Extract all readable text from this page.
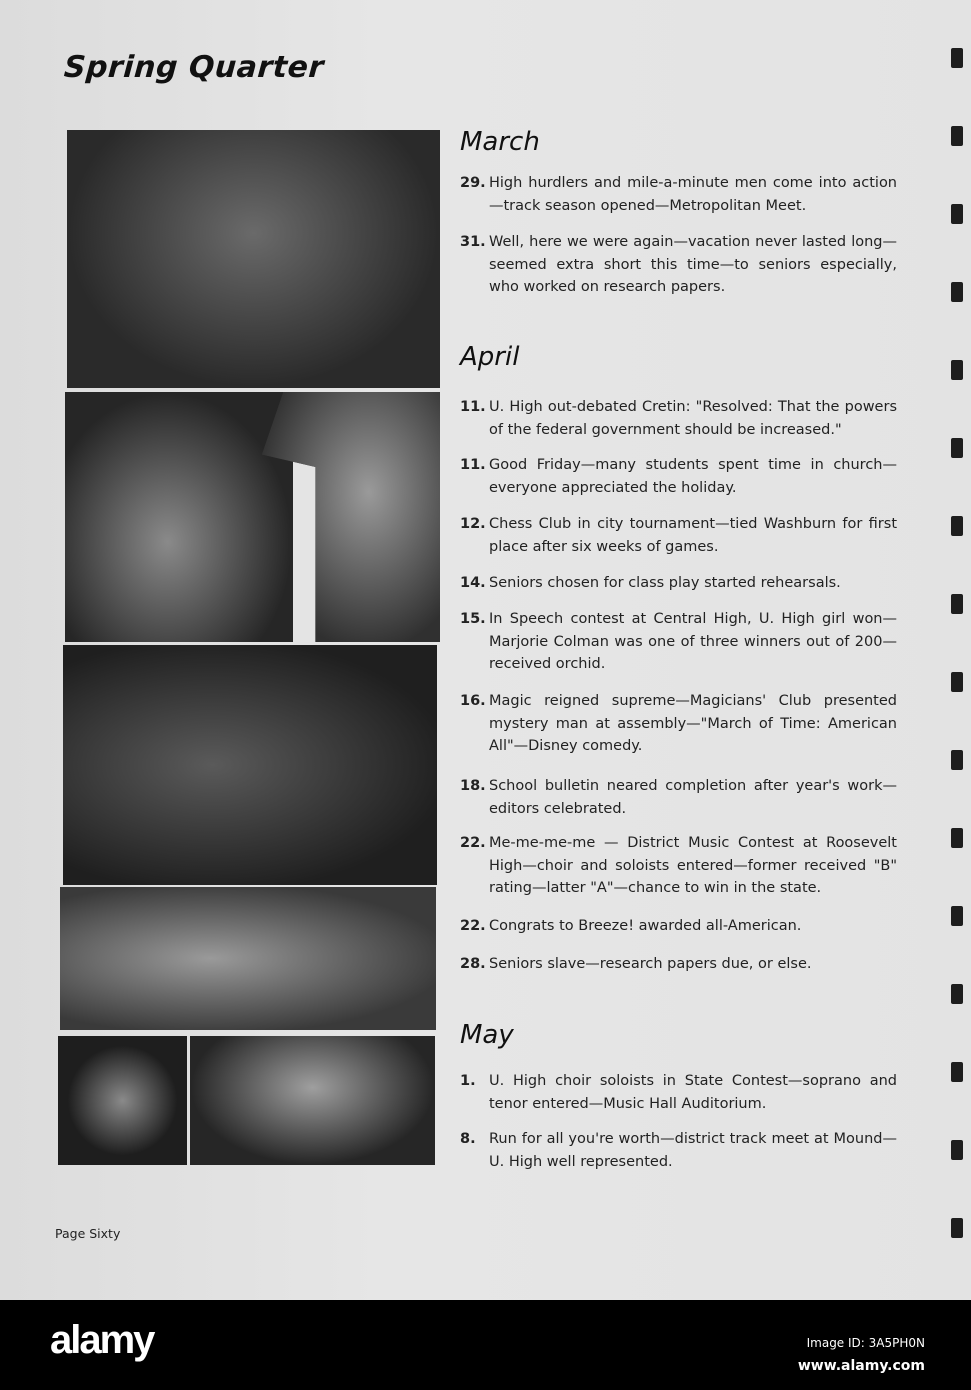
Spring Quarter
March
29. High hurdlers and mile-a-minute men come into action—track season opened—Metropolitan Meet.
31. Well, here we were again—vacation never lasted long—seemed extra short this time—to seniors especially, who worked on research papers.
April
11. U. High out-debated Cretin: "Resolved: That the powers of the federal government should be increased."
11. Good Friday—many students spent time in church—everyone appreciated the holiday.
12. Chess Club in city tournament—tied Washburn for first place after six weeks of games.
14. Seniors chosen for class play started rehearsals.
15. In Speech contest at Central High, U. High girl won—Marjorie Colman was one of three winners out of 200—received orchid.
16. Magic reigned supreme—Magicians' Club presented mystery man at assembly—"March of Time: American All"—Disney comedy.
18. School bulletin neared completion after year's work—editors celebrated.
22. Me-me-me-me — District Music Contest at Roosevelt High—choir and soloists entered—former received "B" rating—latter "A"—chance to win in the state.
22. Congrats to Breeze! awarded all-American.
28. Seniors slave—research papers due, or else.
May
1. U. High choir soloists in State Contest—soprano and tenor entered—Music Hall Auditorium.
8. Run for all you're worth—district track meet at Mound—U. High well represented.
Page Sixty
alamy	Image ID: 3A5PH0N
www.alamy.com
